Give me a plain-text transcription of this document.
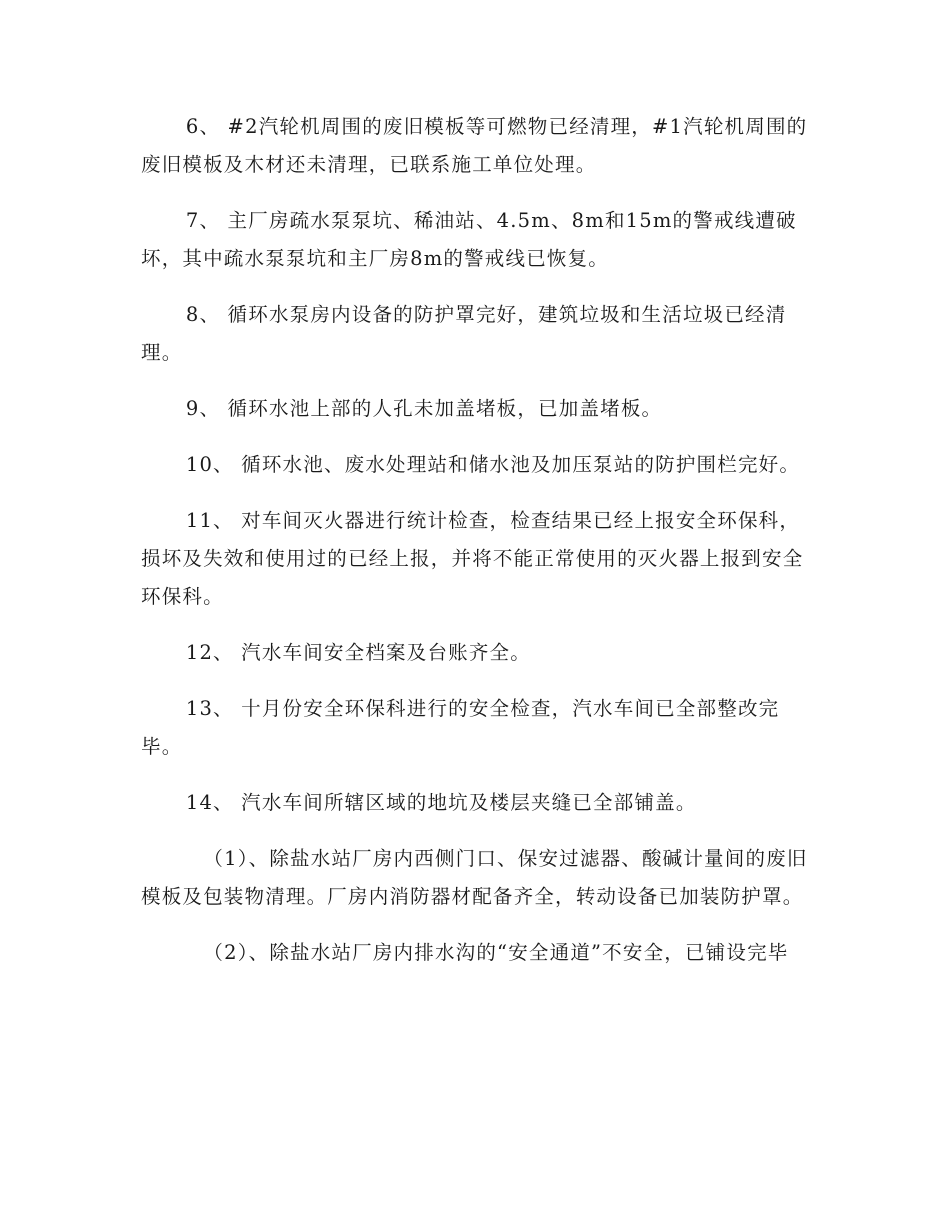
6、 #2汽轮机周围的废旧模板等可燃物已经清理，#1汽轮机周围的废旧模板及木材还未清理，已联系施工单位处理。

7、 主厂房疏水泵泵坑、稀油站、4.5m、8m和15m的警戒线遭破坏，其中疏水泵泵坑和主厂房8m的警戒线已恢复。

8、 循环水泵房内设备的防护罩完好，建筑垃圾和生活垃圾已经清理。

9、 循环水池上部的人孔未加盖堵板，已加盖堵板。

10、 循环水池、废水处理站和储水池及加压泵站的防护围栏完好。

11、 对车间灭火器进行统计检查，检查结果已经上报安全环保科，损坏及失效和使用过的已经上报，并将不能正常使用的灭火器上报到安全环保科。

12、 汽水车间安全档案及台账齐全。

13、 十月份安全环保科进行的安全检查，汽水车间已全部整改完毕。

14、 汽水车间所辖区域的地坑及楼层夹缝已全部铺盖。

（1）、除盐水站厂房内西侧门口、保安过滤器、酸碱计量间的废旧模板及包装物清理。厂房内消防器材配备齐全，转动设备已加装防护罩。

（2）、除盐水站厂房内排水沟的“安全通道”不安全，已铺设完毕
